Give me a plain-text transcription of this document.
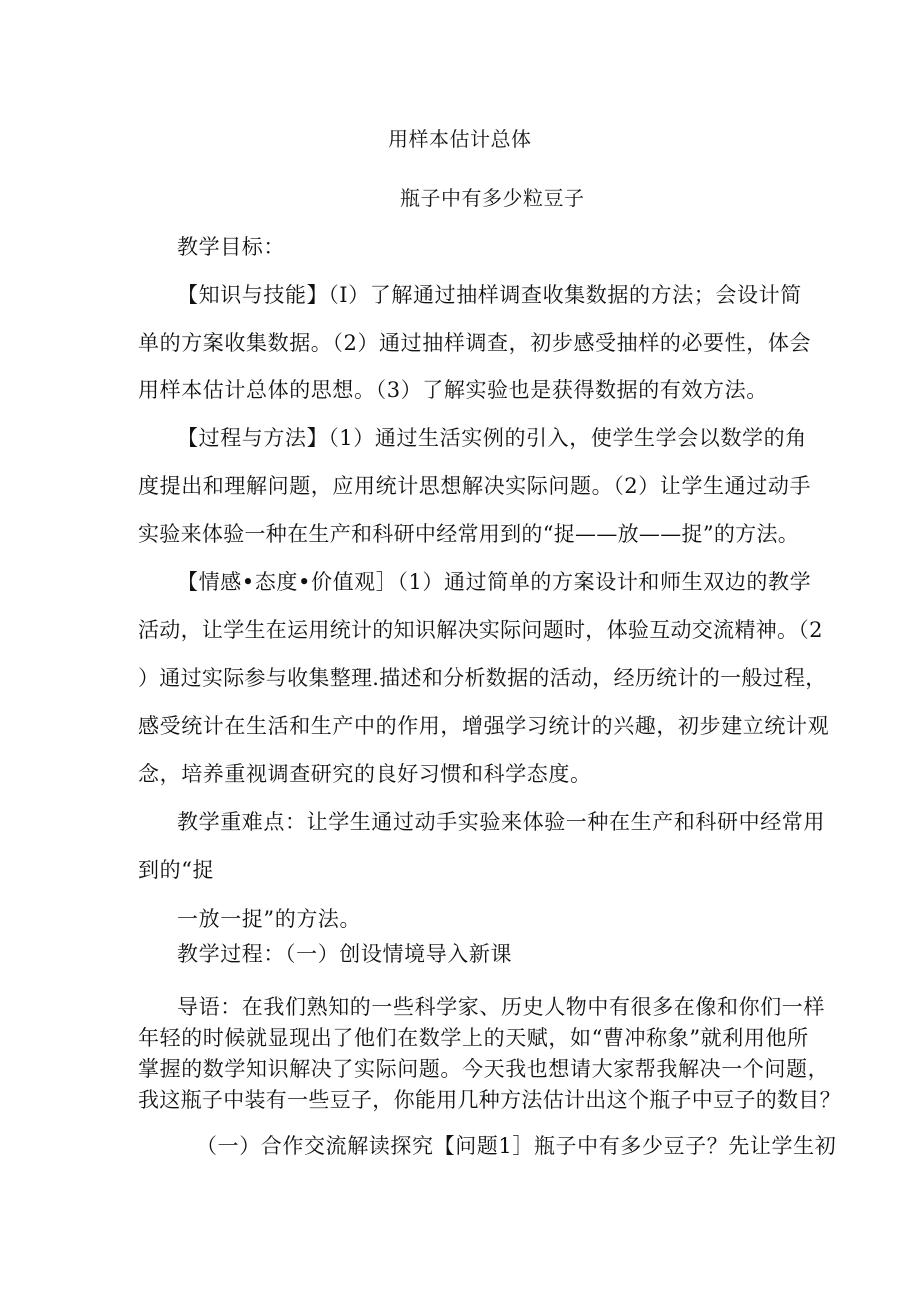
用样本估计总体
瓶子中有多少粒豆子
教学目标：
【知识与技能】（I）了解通过抽样调查收集数据的方法；会设计简
单的方案收集数据。（2）通过抽样调查，初步感受抽样的必要性，体会
用样本估计总体的思想。（3）了解实验也是获得数据的有效方法。
【过程与方法】（1）通过生活实例的引入，使学生学会以数学的角
度提出和理解问题，应用统计思想解决实际问题。（2）让学生通过动手
实验来体验一种在生产和科研中经常用到的“捉——放——捉”的方法。
【情感•态度•价值观］（1）通过简单的方案设计和师生双边的教学
活动，让学生在运用统计的知识解决实际问题时，体验互动交流精神。（2
）通过实际参与收集整理.描述和分析数据的活动，经历统计的一般过程，
感受统计在生活和生产中的作用，增强学习统计的兴趣，初步建立统计观
念，培养重视调查研究的良好习惯和科学态度。
教学重难点：让学生通过动手实验来体验一种在生产和科研中经常用
到的“捉
一放一捉”的方法。
教学过程：（一）创设情境导入新课
导语：在我们熟知的一些科学家、历史人物中有很多在像和你们一样
年轻的时候就显现出了他们在数学上的天赋，如“曹冲称象”就利用他所
掌握的数学知识解决了实际问题。今天我也想请大家帮我解决一个问题，
我这瓶子中装有一些豆子，你能用几种方法估计出这个瓶子中豆子的数目？
（一）合作交流解读探究【问题1］瓶子中有多少豆子？先让学生初
